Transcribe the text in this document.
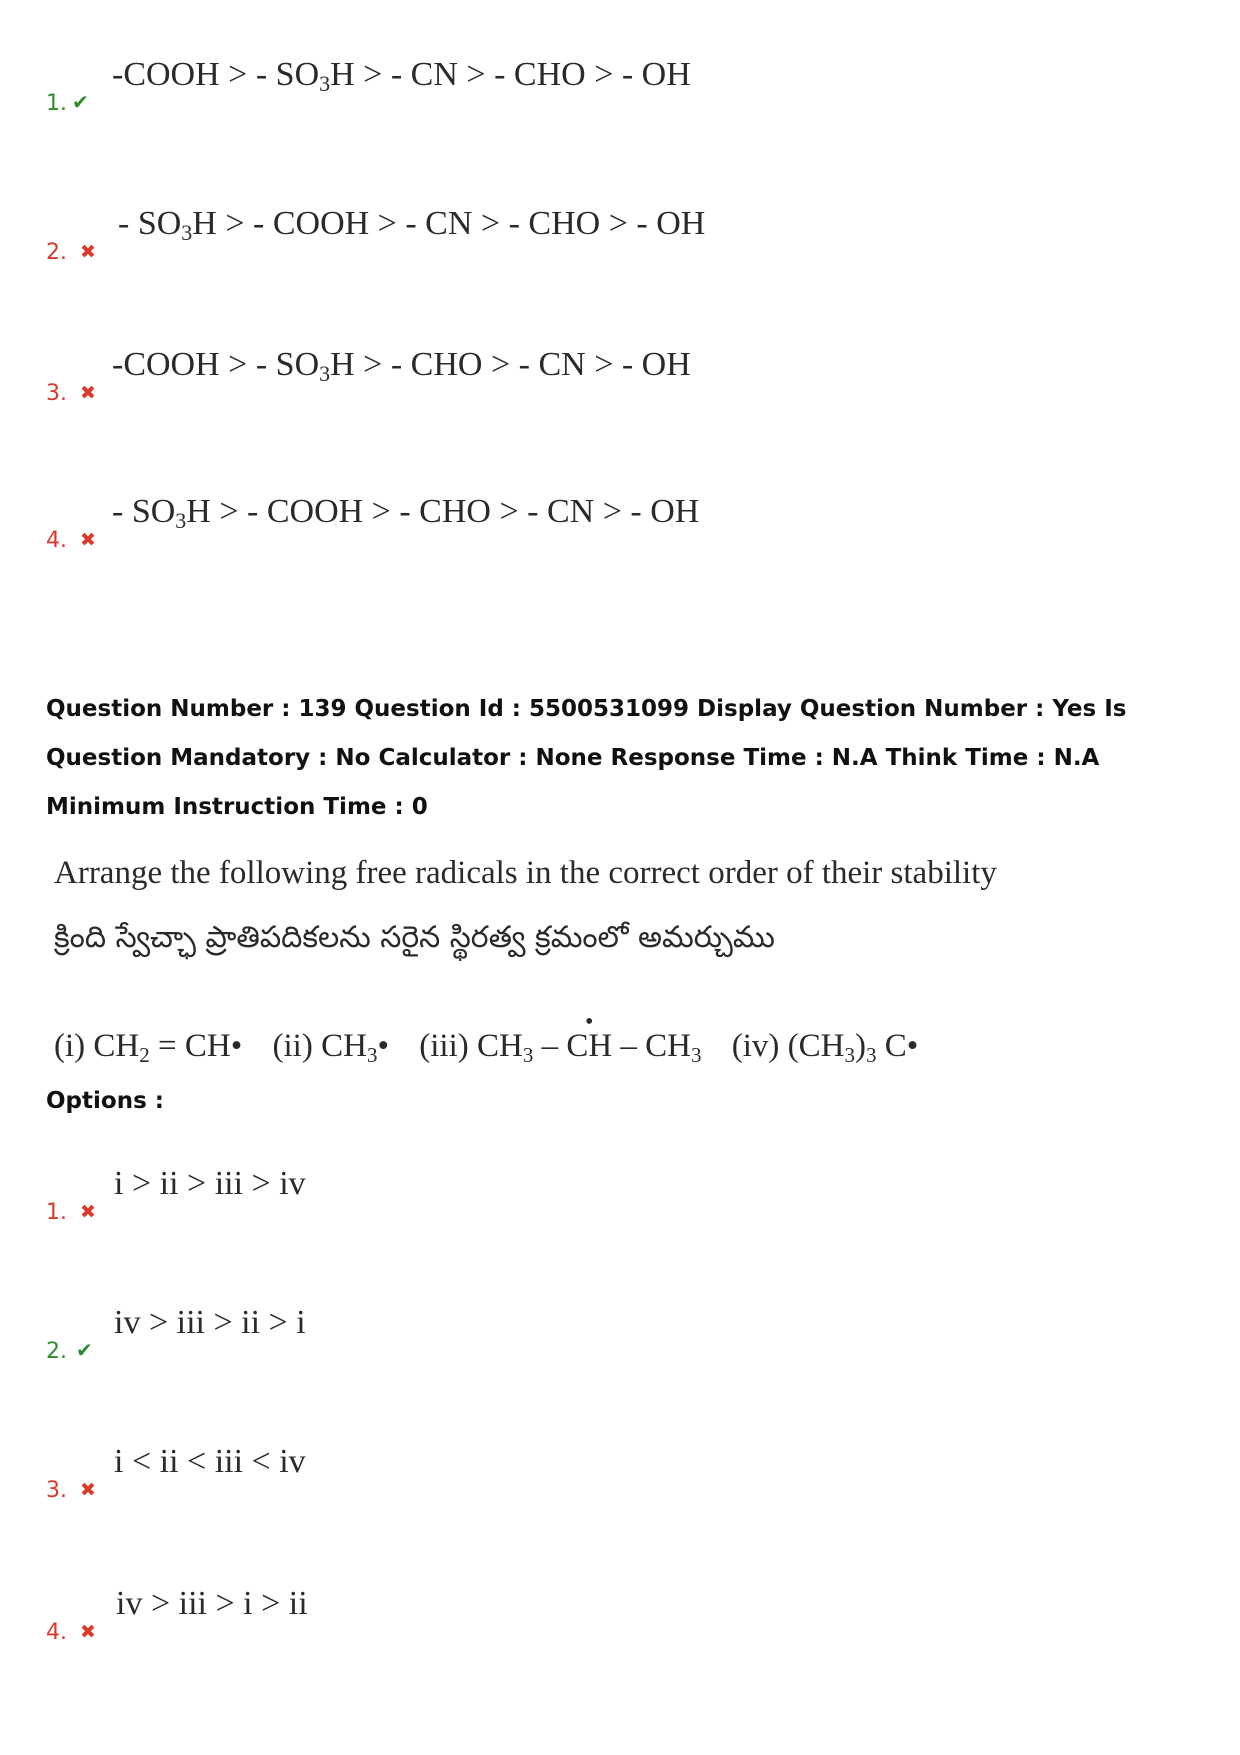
1. ✔
-COOH > - $SO_3H$ > - CN > - CHO > - OH
2. ✖
- $SO_3H$ > - COOH > - CN > - CHO > - OH
3. ✖
-COOH > - $SO_3H$ > - CHO > - CN > - OH
4. ✖
- $SO_3H$ > - COOH > - CHO > - CN > - OH
Question Number : 139 Question Id : 5500531099 Display Question Number : Yes Is Question Mandatory : No Calculator : None Response Time : N.A Think Time : N.A Minimum Instruction Time : 0
Arrange the following free radicals in the correct order of their stability
క్రింది స్వేచ్ఛా ప్రాతిపదికలను సరైన స్థిరత్వ క్రమంలో అమర్చుము
(i) $CH_2$ = CH• (ii) $CH_3•$ (iii) $CH_3$ –
•
CH – $CH_3$ (iv) $(CH_3)_3$ C•
Options :
1. ✖
i > ii > iii > iv
2. ✔
iv > iii > ii > i
3. ✖
i < ii < iii < iv
4. ✖
iv > iii > i > ii
